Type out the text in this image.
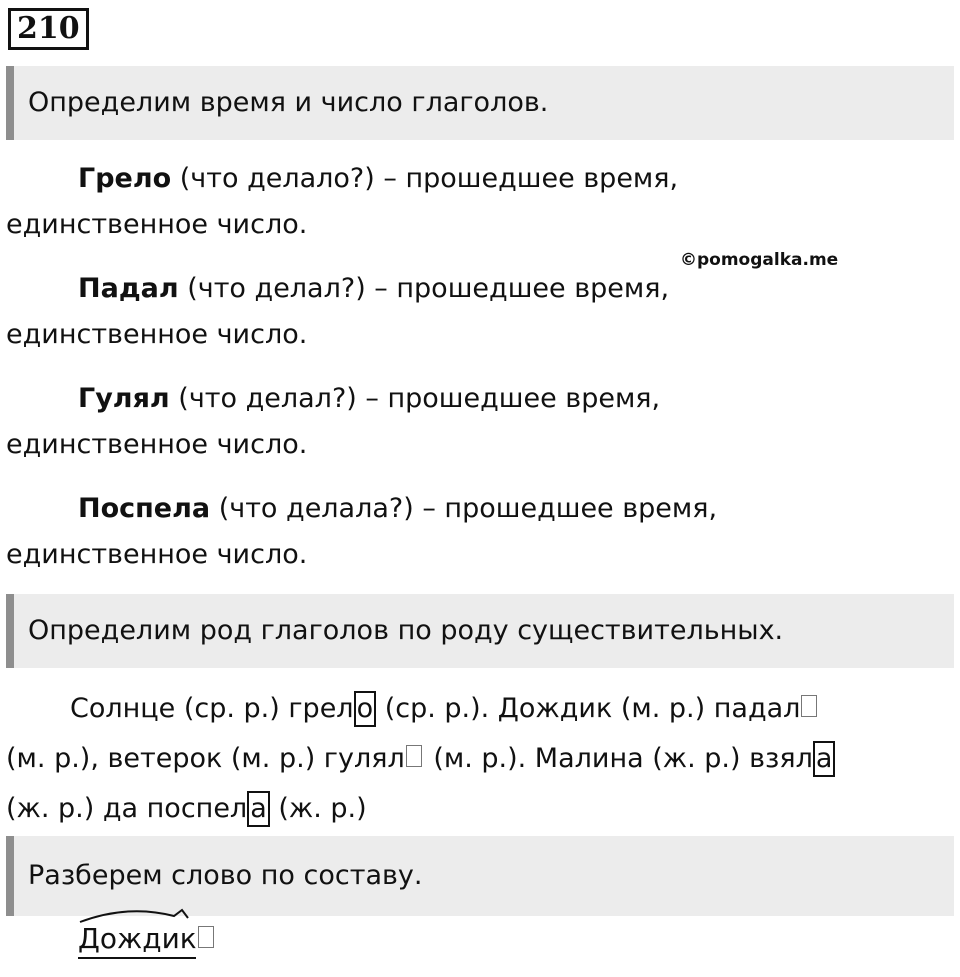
210
Определим время и число глаголов.
Грело (что делало?) – прошедшее время,
единственное число.
©pomogalka.me
Падал (что делал?) – прошедшее время,
единственное число.
Гулял (что делал?) – прошедшее время,
единственное число.
Поспела (что делала?) – прошедшее время,
единственное число.
Определим род глаголов по роду существительных.
Солнце (ср. р.) грел о (ср. р.). Дождик (м. р.) падал
(м. р.), ветерок (м. р.) гулял (м. р.). Малина (ж. р.) взял а
(ж. р.) да поспел а (ж. р.)
Разберем слово по составу.
Дождик
